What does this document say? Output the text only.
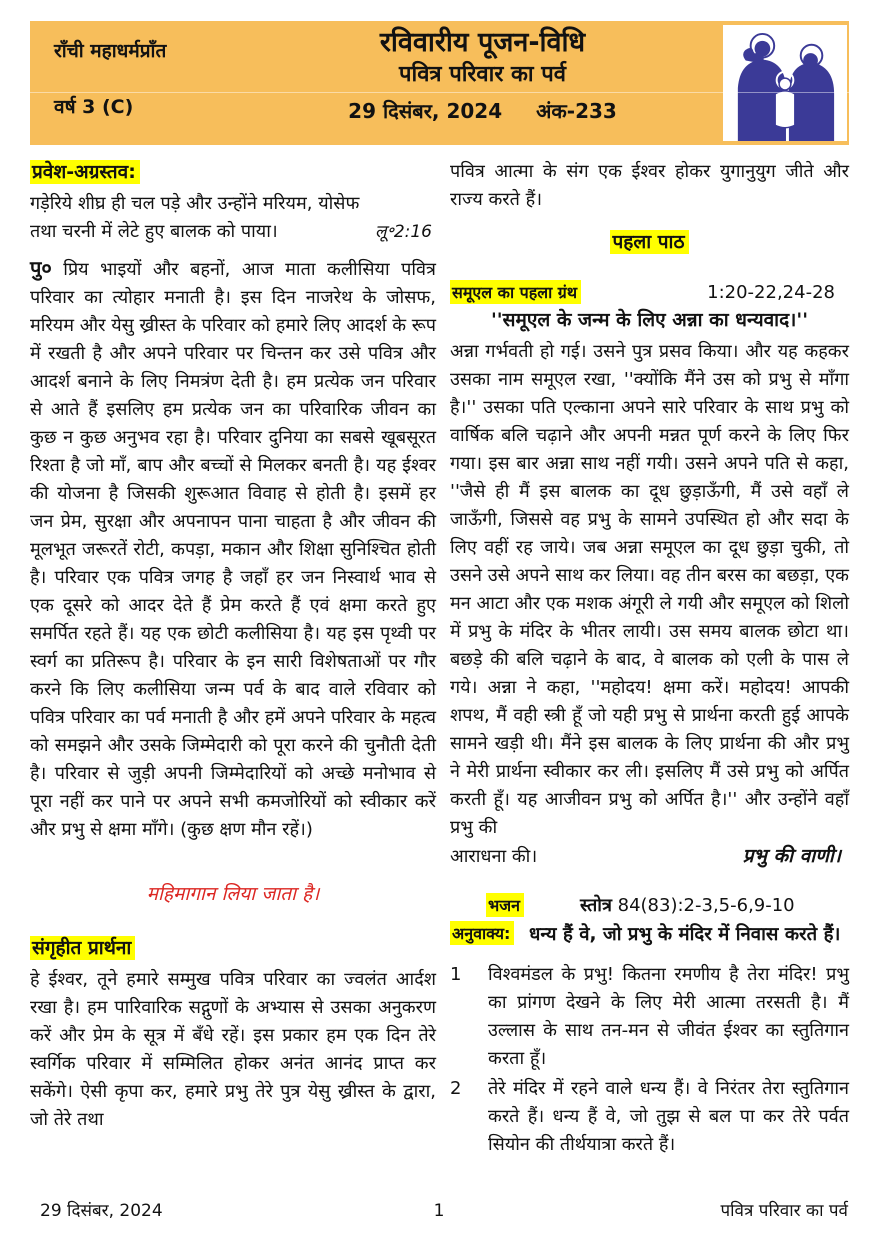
राँची महाधर्मप्राँत
वर्ष 3 (C)
रविवारीय पूजन-विधि
पवित्र परिवार का पर्व
29 दिसंबर, 2024 अंक-233
प्रवेश-अग्रस्तव:
गड़ेरिये शीघ्र ही चल पड़े और उन्होंने मरियम, योसेफ
तथा चरनी में लेटे हुए बालक को पाया।	लू॰2:16

पु० प्रिय भाइयों और बहनों, आज माता कलीसिया पवित्र परिवार का त्योहार मनाती है। इस दिन नाजरेथ के जोसफ, मरियम और येसु ख्रीस्त के परिवार को हमारे लिए आदर्श के रूप में रखती है और अपने परिवार पर चिन्तन कर उसे पवित्र और आदर्श बनाने के लिए निमत्रंण देती है। हम प्रत्येक जन परिवार से आते हैं इसलिए हम प्रत्येक जन का परिवारिक जीवन का कुछ न कुछ अनुभव रहा है। परिवार दुनिया का सबसे खूबसूरत रिश्ता है जो माँ, बाप और बच्चों से मिलकर बनती है। यह ईश्वर की योजना है जिसकी शुरूआत विवाह से होती है। इसमें हर जन प्रेम, सुरक्षा और अपनापन पाना चाहता है और जीवन की मूलभूत जरूरतें रोटी, कपड़ा, मकान और शिक्षा सुनिश्चित होती है। परिवार एक पवित्र जगह है जहाँ हर जन निस्वार्थ भाव से एक दूसरे को आदर देते हैं प्रेम करते हैं एवं क्षमा करते हुए समर्पित रहते हैं। यह एक छोटी कलीसिया है। यह इस पृथ्वी पर स्वर्ग का प्रतिरूप है। परिवार के इन सारी विशेषताओं पर गौर करने कि लिए कलीसिया जन्म पर्व के बाद वाले रविवार को पवित्र परिवार का पर्व मनाती है और हमें अपने परिवार के महत्व को समझने और उसके जिम्मेदारी को पूरा करने की चुनौती देती है। परिवार से जुड़ी अपनी जिम्मेदारियों को अच्छे मनोभाव से पूरा नहीं कर पाने पर अपने सभी कमजोरियों को स्वीकार करें और प्रभु से क्षमा माँगे। (कुछ क्षण मौन रहें।)

महिमागान लिया जाता है।
संगृहीत प्रार्थना

हे ईश्वर, तूने हमारे सम्मुख पवित्र परिवार का ज्वलंत आर्दश रखा है। हम पारिवारिक सद्गुणों के अभ्यास से उसका अनुकरण करें और प्रेम के सूत्र में बँधे रहें। इस प्रकार हम एक दिन तेरे स्वर्गिक परिवार में सम्मिलित होकर अनंत आनंद प्राप्त कर सकेंगे। ऐसी कृपा कर, हमारे प्रभु तेरे पुत्र येसु ख्रीस्त के द्वारा, जो तेरे तथा

पवित्र आत्मा के संग एक ईश्वर होकर युगानुयुग जीते और राज्य करते हैं।
पहला पाठ
समूएल का पहला ग्रंथ	1:20-22,24-28
''समूएल के जन्म के लिए अन्ना का धन्यवाद।''

अन्ना गर्भवती हो गई। उसने पुत्र प्रसव किया। और यह कहकर उसका नाम समूएल रखा, ''क्योंकि मैंने उस को प्रभु से माँगा है।'' उसका पति एल्काना अपने सारे परिवार के साथ प्रभु को वार्षिक बलि चढ़ाने और अपनी मन्नत पूर्ण करने के लिए फिर गया। इस बार अन्ना साथ नहीं गयी। उसने अपने पति से कहा, ''जैसे ही मैं इस बालक का दूध छुड़ाऊँगी, मैं उसे वहाँ ले जाऊँगी, जिससे वह प्रभु के सामने उपस्थित हो और सदा के लिए वहीं रह जाये। जब अन्ना समूएल का दूध छुड़ा चुकी, तो उसने उसे अपने साथ कर लिया। वह तीन बरस का बछड़ा, एक मन आटा और एक मशक अंगूरी ले गयी और समूएल को शिलो में प्रभु के मंदिर के भीतर लायी। उस समय बालक छोटा था। बछड़े की बलि चढ़ाने के बाद, वे बालक को एली के पास ले गये। अन्ना ने कहा, ''महोदय! क्षमा करें। महोदय! आपकी शपथ, मैं वही स्त्री हूँ जो यही प्रभु से प्रार्थना करती हुई आपके सामने खड़ी थी। मैंने इस बालक के लिए प्रार्थना की और प्रभु ने मेरी प्रार्थना स्वीकार कर ली। इसलिए मैं उसे प्रभु को अर्पित करती हूँ। यह आजीवन प्रभु को अर्पित है।'' और उन्होंने वहाँ प्रभु की

आराधना की।	प्रभु की वाणी।
भजन	स्तोत्र 84(83):2-3,5-6,9-10
अनुवाक्य:	धन्य हैं वे, जो प्रभु के मंदिर में निवास करते हैं।
1	विश्वमंडल के प्रभु! कितना रमणीय है तेरा मंदिर! प्रभु का प्रांगण देखने के लिए मेरी आत्मा तरसती है। मैं उल्लास के साथ तन-मन से जीवंत ईश्वर का स्तुतिगान करता हूँ।
2	तेरे मंदिर में रहने वाले धन्य हैं। वे निरंतर तेरा स्तुतिगान करते हैं। धन्य हैं वे, जो तुझ से बल पा कर तेरे पर्वत सियोन की तीर्थयात्रा करते हैं।
29 दिसंबर, 2024	1	पवित्र परिवार का पर्व
